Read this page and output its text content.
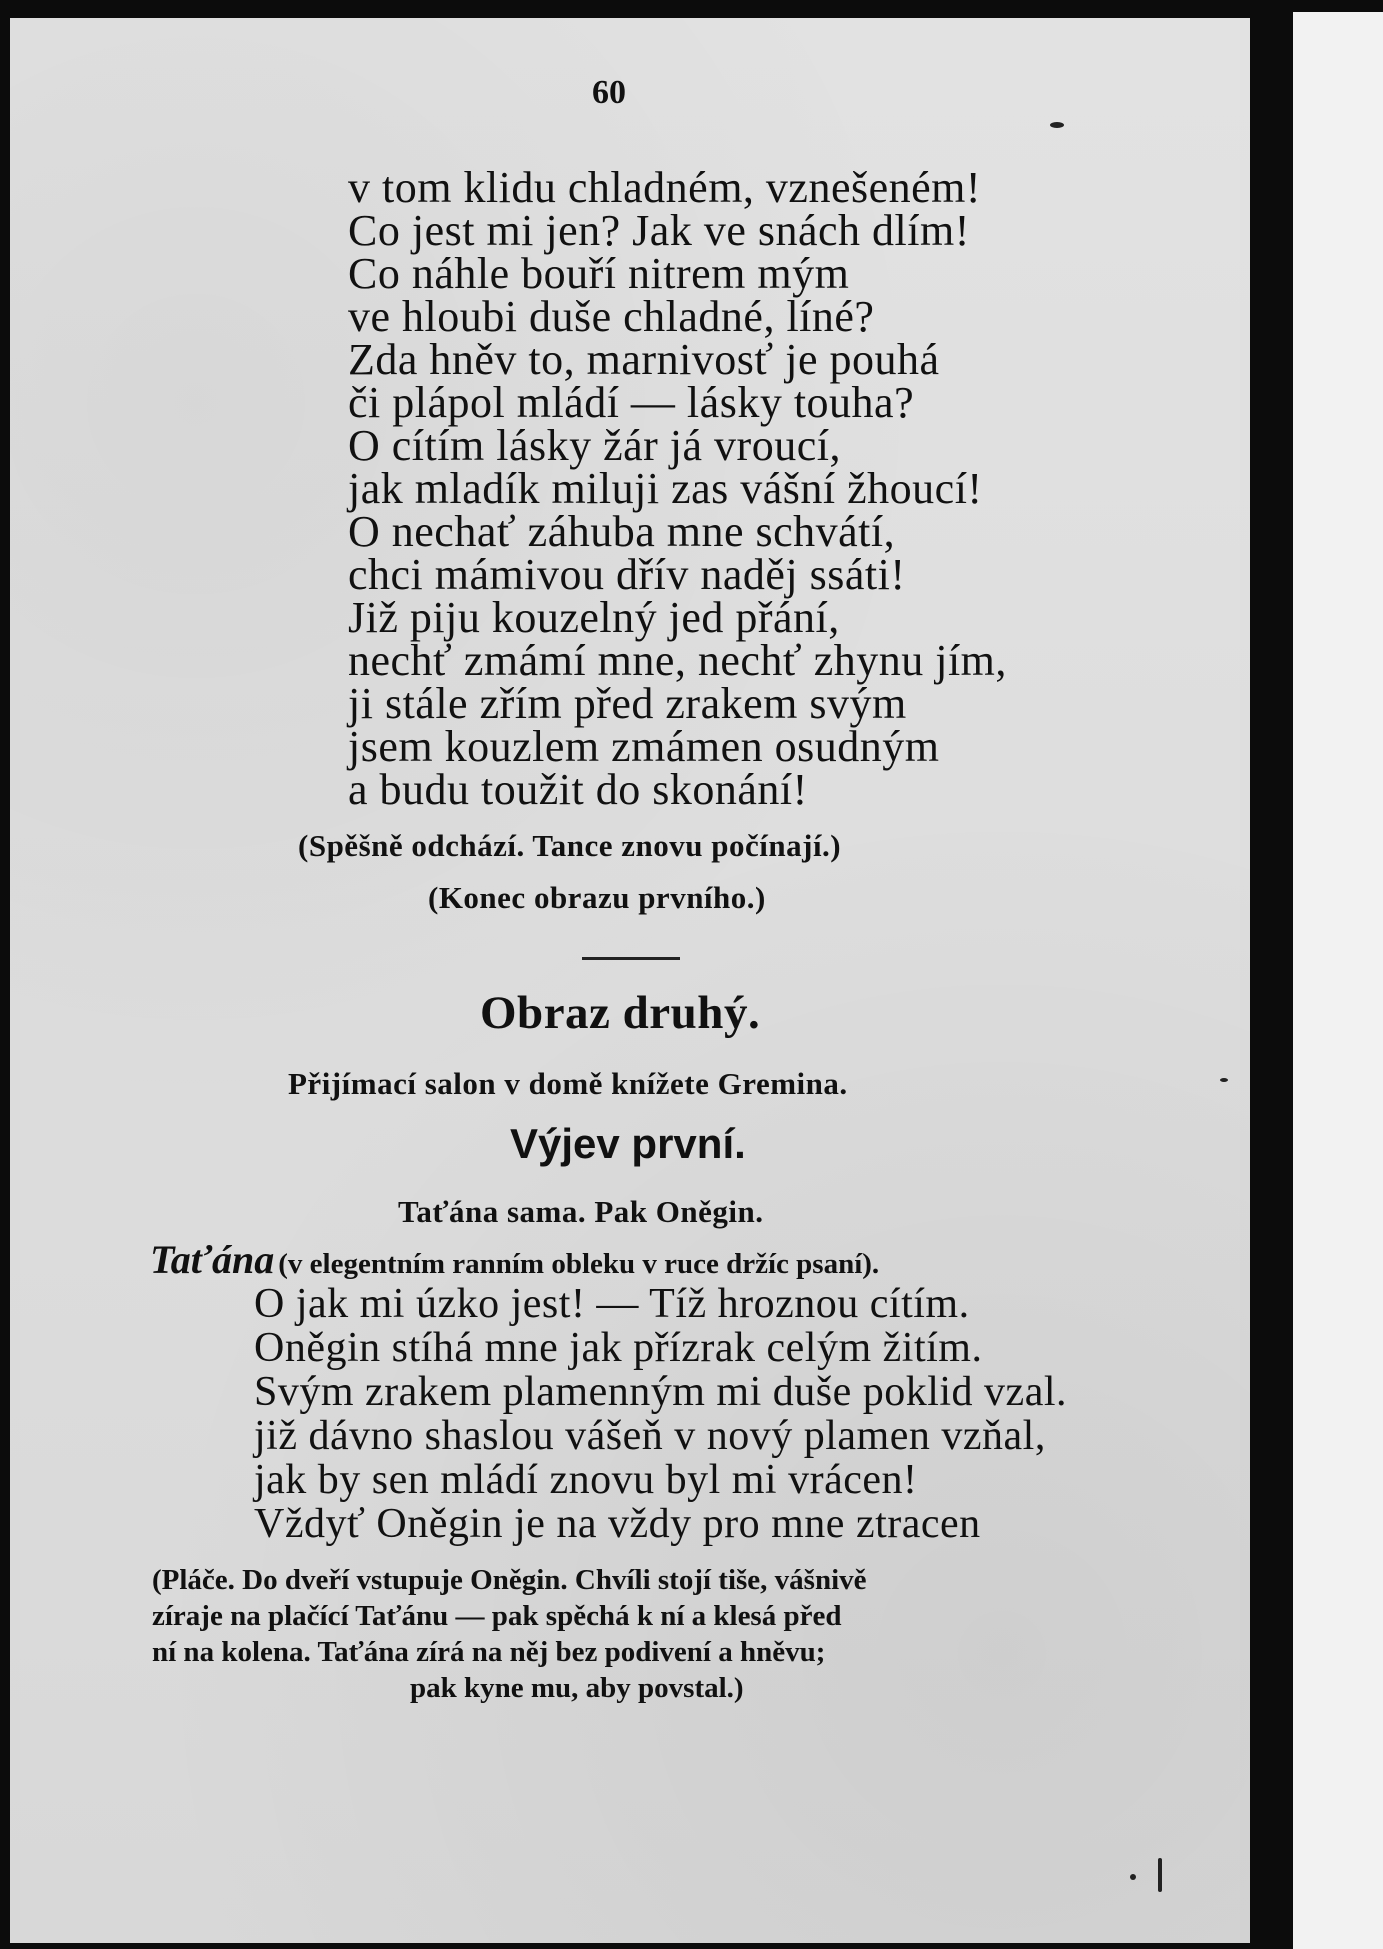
60
v tom klidu chladném, vznešeném!
Co jest mi jen? Jak ve snách dlím!
Co náhle bouří nitrem mým
ve hloubi duše chladné, líné?
Zda hněv to, marnivosť je pouhá
či plápol mládí — lásky touha?
O cítím lásky žár já vroucí,
jak mladík miluji zas vášní žhoucí!
O nechať záhuba mne schvátí,
chci mámivou dřív naděj ssáti!
Již piju kouzelný jed přání,
nechť zmámí mne, nechť zhynu jím,
ji stále zřím před zrakem svým
jsem kouzlem zmámen osudným
a budu toužit do skonání!
(Spěšně odchází. Tance znovu počínají.)
(Konec obrazu prvního.)
Obraz druhý.
Přijímací salon v domě knížete Gremina.
Výjev první.
Taťána sama. Pak Oněgin.
Taťána (v elegentním ranním obleku v ruce držíc psaní).
O jak mi úzko jest! — Tíž hroznou cítím.
Oněgin stíhá mne jak přízrak celým žitím.
Svým zrakem plamenným mi duše poklid vzal.
již dávno shaslou vášeň v nový plamen vzňal,
jak by sen mládí znovu byl mi vrácen!
Vždyť Oněgin je na vždy pro mne ztracen
(Pláče. Do dveří vstupuje Oněgin. Chvíli stojí tiše, vášnivě
zíraje na plačící Taťánu — pak spěchá k ní a klesá před
ní na kolena. Taťána zírá na něj bez podivení a hněvu;
pak kyne mu, aby povstal.)
